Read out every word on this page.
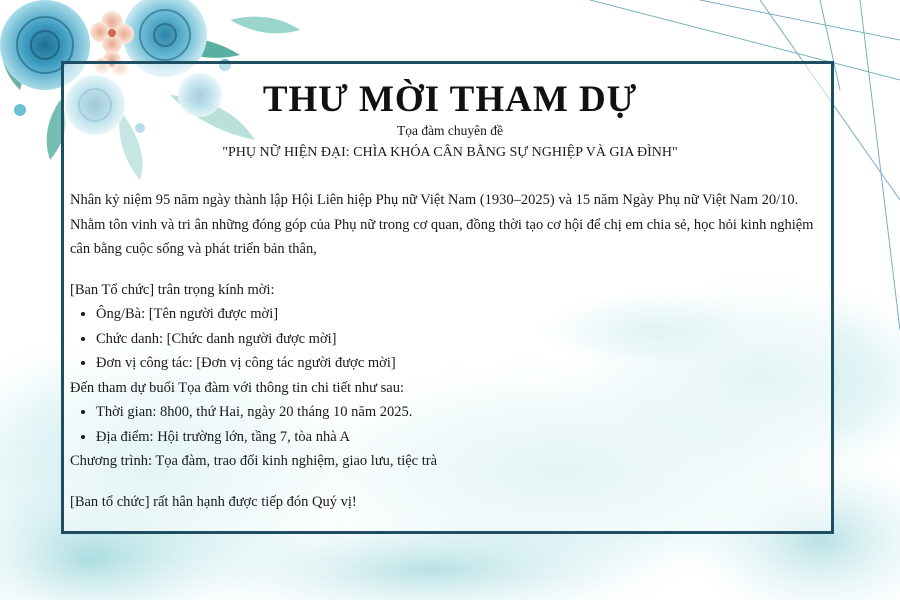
THƯ MỜI THAM DỰ
Tọa đàm chuyên đề
"PHỤ NỮ HIỆN ĐẠI: CHÌA KHÓA CÂN BẰNG SỰ NGHIỆP VÀ GIA ĐÌNH"

Nhân kỷ niệm 95 năm ngày thành lập Hội Liên hiệp Phụ nữ Việt Nam (1930–2025) và 15 năm Ngày Phụ nữ Việt Nam 20/10.

Nhằm tôn vinh và tri ân những đóng góp của Phụ nữ trong cơ quan, đồng thời tạo cơ hội để chị em chia sẻ, học hỏi kinh nghiệm cân bằng cuộc sống và phát triển bản thân,

[Ban Tổ chức] trân trọng kính mời:

• Ông/Bà: [Tên người được mời]
• Chức danh: [Chức danh người được mời]
• Đơn vị công tác: [Đơn vị công tác người được mời]

Đến tham dự buổi Tọa đàm với thông tin chi tiết như sau:

• Thời gian: 8h00, thứ Hai, ngày 20 tháng 10 năm 2025.
• Địa điểm: Hội trường lớn, tầng 7, tòa nhà A

Chương trình: Tọa đàm, trao đổi kinh nghiệm, giao lưu, tiệc trà

[Ban tổ chức] rất hân hạnh được tiếp đón Quý vị!
